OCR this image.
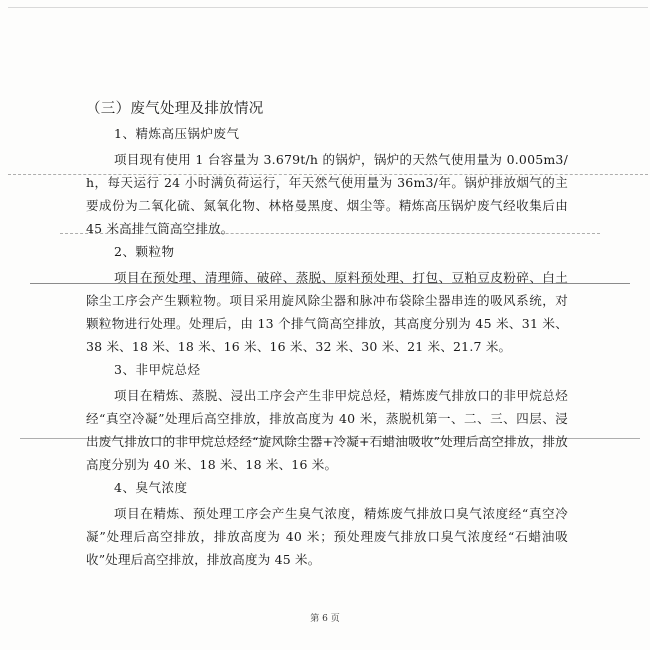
（三）废气处理及排放情况
1、精炼高压锅炉废气

项目现有使用 1 台容量为 3.679t/h 的锅炉，锅炉的天然气使用量为 0.005m3/h，每天运行 24 小时满负荷运行，年天然气使用量为 36m3/年。锅炉排放烟气的主要成份为二氧化硫、氮氧化物、林格曼黑度、烟尘等。精炼高压锅炉废气经收集后由 45 米高排气筒高空排放。

2、颗粒物

项目在预处理、清理筛、破碎、蒸脱、原料预处理、打包、豆粕豆皮粉碎、白土除尘工序会产生颗粒物。项目采用旋风除尘器和脉冲布袋除尘器串连的吸风系统，对颗粒物进行处理。处理后，由 13 个排气筒高空排放，其高度分别为 45 米、31 米、38 米、18 米、18 米、16 米、16 米、32 米、30 米、21 米、21.7 米。

3、非甲烷总烃

项目在精炼、蒸脱、浸出工序会产生非甲烷总烃，精炼废气排放口的非甲烷总烃经“真空冷凝”处理后高空排放，排放高度为 40 米，蒸脱机第一、二、三、四层、浸出废气排放口的非甲烷总烃经“旋风除尘器+冷凝+石蜡油吸收”处理后高空排放，排放高度分别为 40 米、18 米、18 米、16 米。

4、臭气浓度

项目在精炼、预处理工序会产生臭气浓度，精炼废气排放口臭气浓度经“真空冷凝”处理后高空排放，排放高度为 40 米；预处理废气排放口臭气浓度经“石蜡油吸收”处理后高空排放，排放高度为 45 米。

第 6 页
